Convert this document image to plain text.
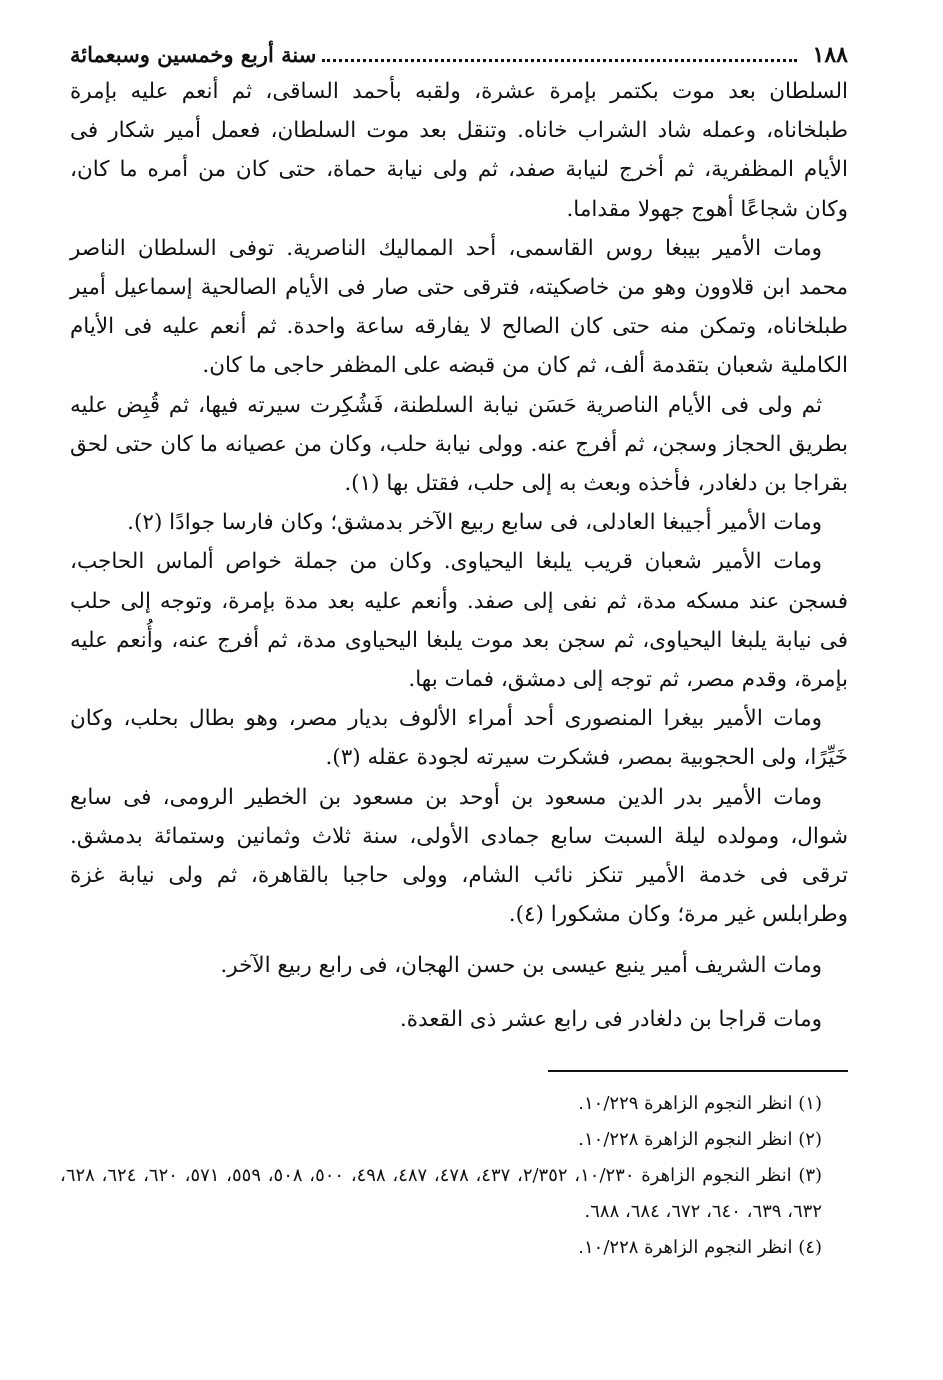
١٨٨
سنة أربع وخمسين وسبعمائة

السلطان بعد موت بكتمر بإمرة عشرة، ولقبه بأحمد الساقى، ثم أنعم عليه بإمرة طبلخاناه، وعمله شاد الشراب خاناه. وتنقل بعد موت السلطان، فعمل أمير شكار فى الأيام المظفرية، ثم أخرج لنيابة صفد، ثم ولى نيابة حماة، حتى كان من أمره ما كان، وكان شجاعًا أهوج جهولا مقداما.

ومات الأمير بيبغا روس القاسمى، أحد المماليك الناصرية. توفى السلطان الناصر محمد ابن قلاوون وهو من خاصكيته، فترقى حتى صار فى الأيام الصالحية إسماعيل أمير طبلخاناه، وتمكن منه حتى كان الصالح لا يفارقه ساعة واحدة. ثم أنعم عليه فى الأيام الكاملية شعبان بتقدمة ألف، ثم كان من قبضه على المظفر حاجى ما كان.

ثم ولى فى الأيام الناصرية حَسَن نيابة السلطنة، فَشُكِرت سيرته فيها، ثم قُبِض عليه بطريق الحجاز وسجن، ثم أفرج عنه. وولى نيابة حلب، وكان من عصيانه ما كان حتى لحق بقراجا بن دلغادر، فأخذه وبعث به إلى حلب، فقتل بها (١).

ومات الأمير أجيبغا العادلى، فى سابع ربيع الآخر بدمشق؛ وكان فارسا جوادًا (٢).

ومات الأمير شعبان قريب يلبغا اليحياوى. وكان من جملة خواص ألماس الحاجب، فسجن عند مسكه مدة، ثم نفى إلى صفد. وأنعم عليه بعد مدة بإمرة، وتوجه إلى حلب فى نيابة يلبغا اليحياوى، ثم سجن بعد موت يلبغا اليحياوى مدة، ثم أفرج عنه، وأُنعم عليه بإمرة، وقدم مصر، ثم توجه إلى دمشق، فمات بها.

ومات الأمير بيغرا المنصورى أحد أمراء الألوف بديار مصر، وهو بطال بحلب، وكان خَيِّرًا، ولى الحجوبية بمصر، فشكرت سيرته لجودة عقله (٣).

ومات الأمير بدر الدين مسعود بن أوحد بن مسعود بن الخطير الرومى، فى سابع شوال، ومولده ليلة السبت سابع جمادى الأولى، سنة ثلاث وثمانين وستمائة بدمشق. ترقى فى خدمة الأمير تنكز نائب الشام، وولى حاجبا بالقاهرة، ثم ولى نيابة غزة وطرابلس غير مرة؛ وكان مشكورا (٤).

ومات الشريف أمير ينبع عيسى بن حسن الهجان، فى رابع ربيع الآخر.

ومات قراجا بن دلغادر فى رابع عشر ذى القعدة.

(١) انظر النجوم الزاهرة ١٠/٢٢٩.

(٢) انظر النجوم الزاهرة ١٠/٢٢٨.

(٣) انظر النجوم الزاهرة ١٠/٢٣٠، ٢/٣٥٢، ٤٣٧، ٤٧٨، ٤٨٧، ٤٩٨، ٥٠٠، ٥٠٨، ٥٥٩، ٥٧١، ٦٢٠، ٦٢٤، ٦٢٨، ٦٣٢، ٦٣٩، ٦٤٠، ٦٧٢، ٦٨٤، ٦٨٨.

(٤) انظر النجوم الزاهرة ١٠/٢٢٨.
